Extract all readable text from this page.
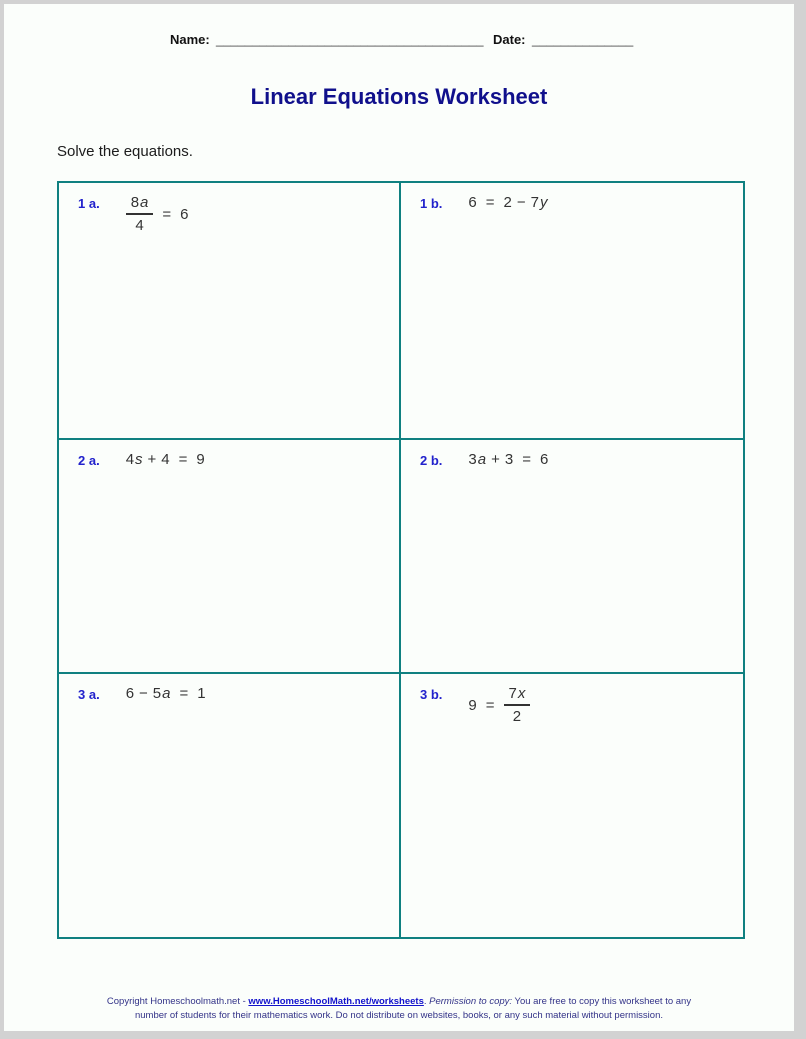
Name: _____________________________________ Date: ______________
Linear Equations Worksheet
Solve the equations.
1 a. $\frac{8 a}{4} = 6$
1 b. 6 = 2 − 7 y
2 a. 4 s + 4 = 9	2 b. 3 a + 3 = 6
3 a. 6 − 5 a = 1	3 b.
$9 = \frac{7 x}{2}$
Copyright Homeschoolmath.net - www.HomeschoolMath.net/worksheets. Permission to copy: You are free to copy this worksheet to any
number of students for their mathematics work. Do not distribute on websites, books, or any such material without permission.
